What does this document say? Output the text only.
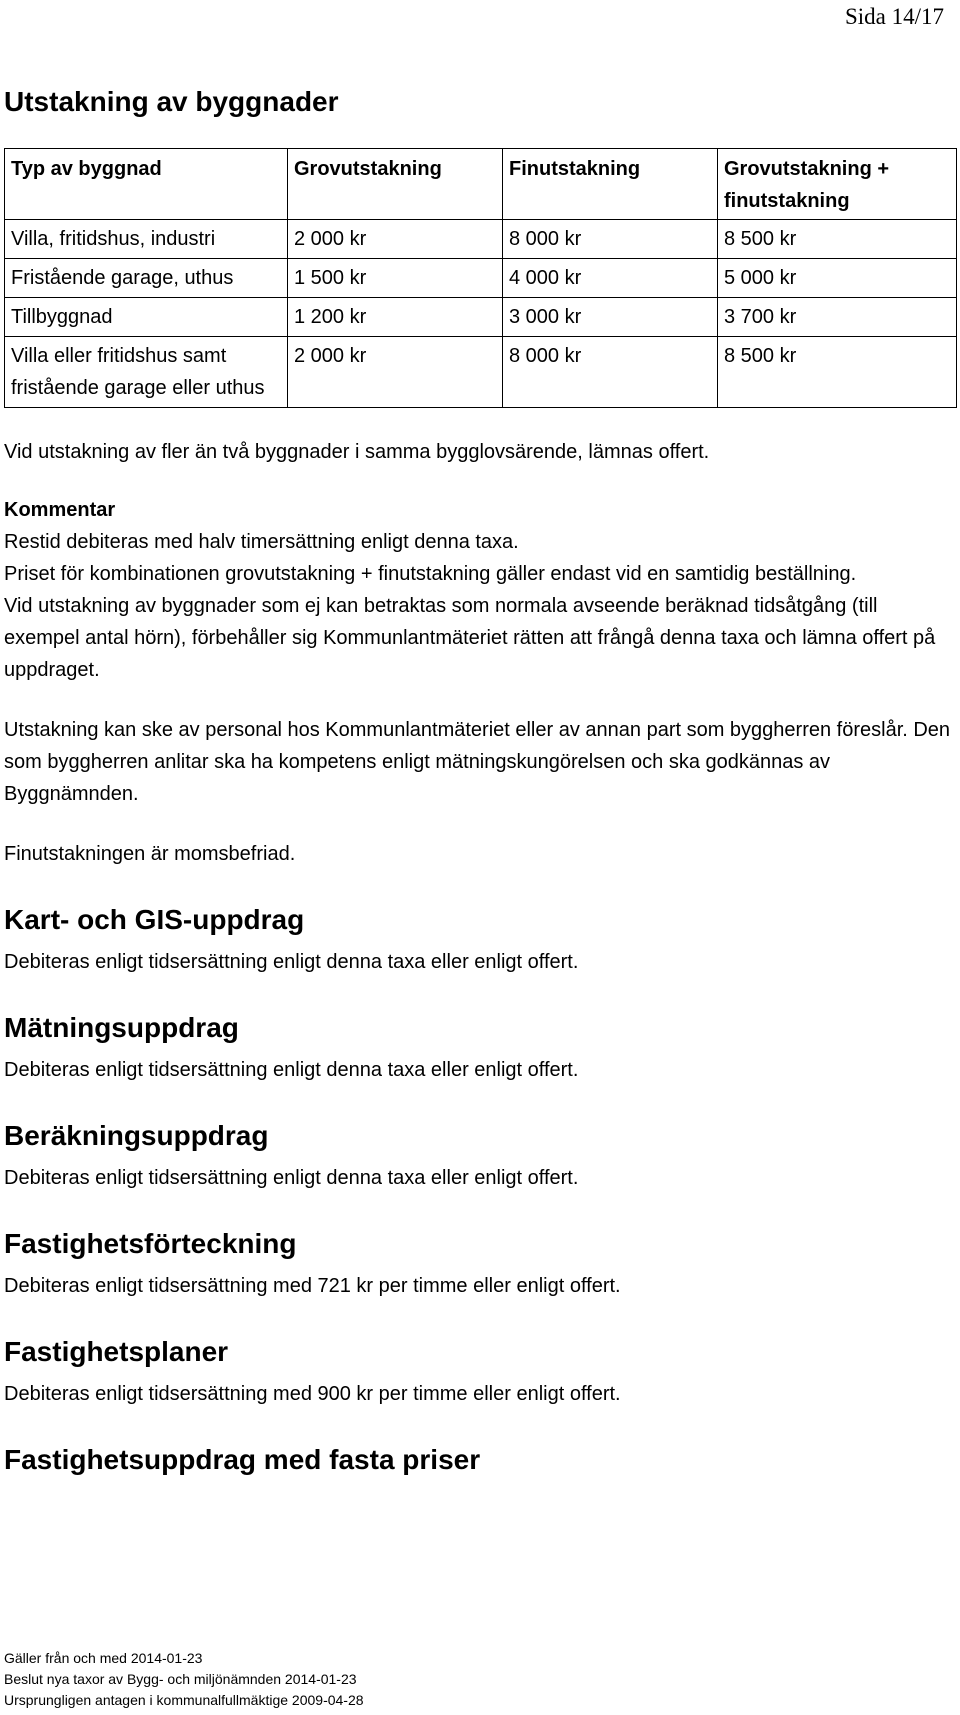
Sida 14/17
Utstakning av byggnader
Typ av byggnad	Grovutstakning	Finutstakning	Grovutstakning + finutstakning
Villa, fritidshus, industri	2 000 kr	8 000 kr	8 500 kr
Fristående garage, uthus	1 500 kr	4 000 kr	5 000 kr
Tillbyggnad	1 200 kr	3 000 kr	3 700 kr
Villa eller fritidshus samt fristående garage eller uthus	2 000 kr	8 000 kr	8 500 kr

Vid utstakning av fler än två byggnader i samma bygglovsärende, lämnas offert.

Kommentar

Restid debiteras med halv timersättning enligt denna taxa.

Priset för kombinationen grovutstakning + finutstakning gäller endast vid en samtidig beställning.

Vid utstakning av byggnader som ej kan betraktas som normala avseende beräknad tidsåtgång (till exempel antal hörn), förbehåller sig Kommunlantmäteriet rätten att frångå denna taxa och lämna offert på uppdraget.

Utstakning kan ske av personal hos Kommunlantmäteriet eller av annan part som byggherren föreslår. Den som byggherren anlitar ska ha kompetens enligt mätningskungörelsen och ska godkännas av Byggnämnden.

Finutstakningen är momsbefriad.

Kart- och GIS-uppdrag

Debiteras enligt tidsersättning enligt denna taxa eller enligt offert.

Mätningsuppdrag

Debiteras enligt tidsersättning enligt denna taxa eller enligt offert.

Beräkningsuppdrag

Debiteras enligt tidsersättning enligt denna taxa eller enligt offert.

Fastighetsförteckning

Debiteras enligt tidsersättning med 721 kr per timme eller enligt offert.

Fastighetsplaner

Debiteras enligt tidsersättning med 900 kr per timme eller enligt offert.

Fastighetsuppdrag med fasta priser
Gäller från och med 2014-01-23
Beslut nya taxor av Bygg- och miljönämnden 2014-01-23
Ursprungligen antagen i kommunalfullmäktige 2009-04-28
